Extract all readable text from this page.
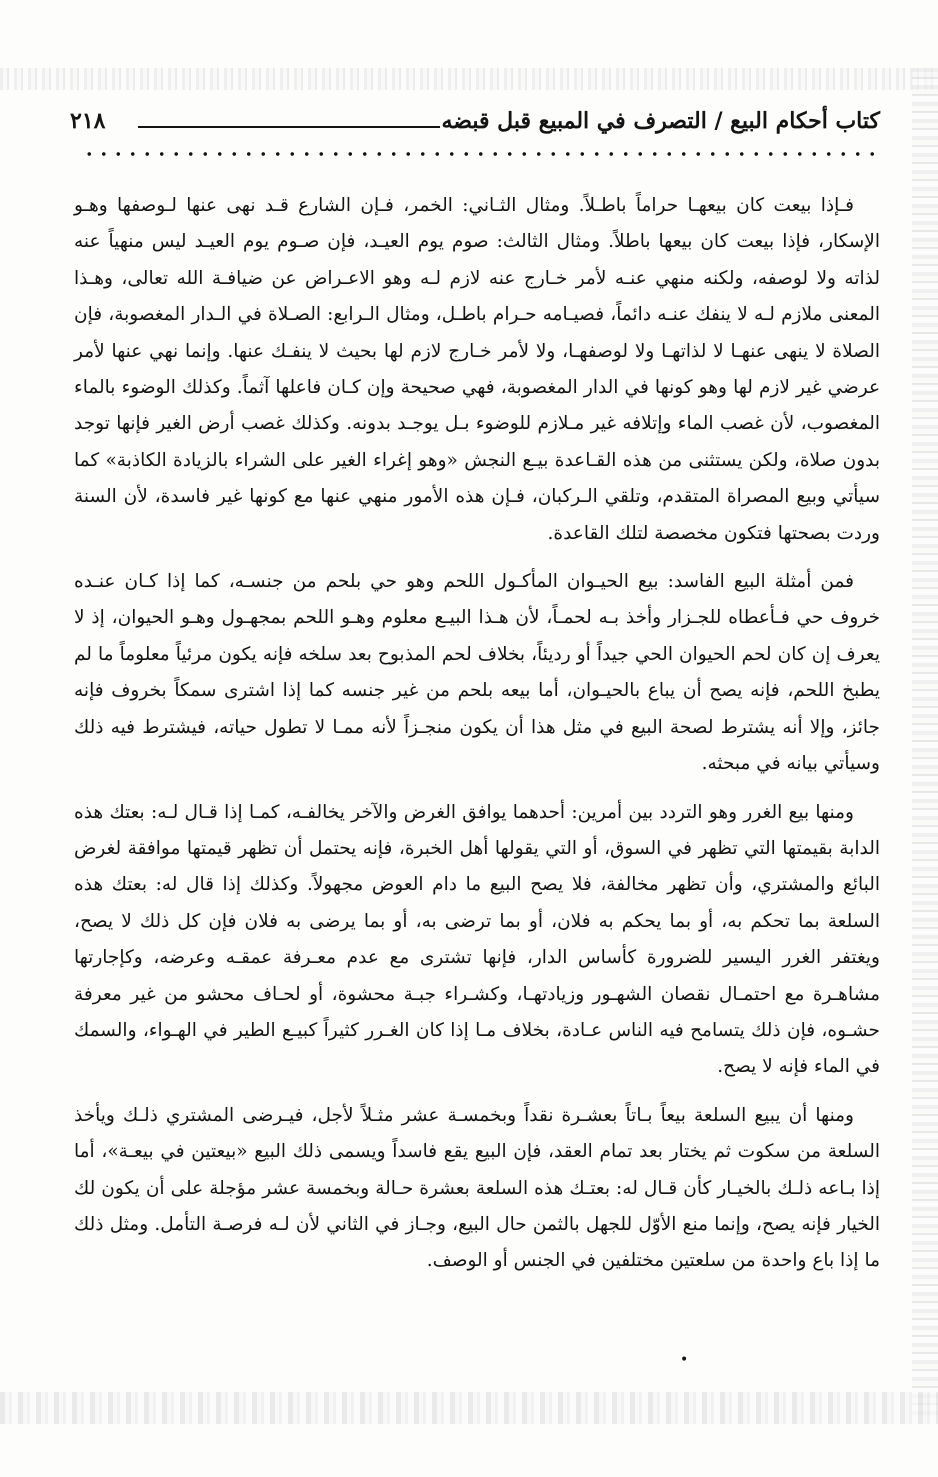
٢١٨	كتاب أحكام البيع / التصرف في المبيع قبل قبضه

فـإذا بيعت كان بيعهـا حراماً باطـلاً. ومثال الثـاني: الخمر، فـإن الشارع قـد نهى عنها لـوصفها وهـو الإسكار، فإذا بيعت كان بيعها باطلاً. ومثال الثالث: صوم يوم العيـد، فإن صـوم يوم العيـد ليس منهياً عنه لذاته ولا لوصفه، ولكنه منهي عنـه لأمر خـارج عنه لازم لـه وهو الاعـراض عن ضيافـة الله تعالى، وهـذا المعنى ملازم لـه لا ينفك عنـه دائماً، فصيـامه حـرام باطـل، ومثال الـرابع: الصـلاة في الـدار المغصوبة، فإن الصلاة لا ينهى عنهـا لا لذاتهـا ولا لوصفهـا، ولا لأمر خـارج لازم لها بحيث لا ينفـك عنها. وإنما نهي عنها لأمر عرضي غير لازم لها وهو كونها في الدار المغصوبة، فهي صحيحة وإن كـان فاعلها آثماً. وكذلك الوضوء بالماء المغصوب، لأن غصب الماء وإتلافه غير مـلازم للوضوء بـل يوجـد بدونه. وكذلك غصب أرض الغير فإنها توجد بدون صلاة، ولكن يستثنى من هذه القـاعدة بيـع النجش «وهو إغراء الغير على الشراء بالزيادة الكاذبة» كما سيأتي وبيع المصراة المتقدم، وتلقي الـركبان، فـإن هذه الأمور منهي عنها مع كونها غير فاسدة، لأن السنة وردت بصحتها فتكون مخصصة لتلك القاعدة.

فمن أمثلة البيع الفاسد: بيع الحيـوان المأكـول اللحم وهو حي بلحم من جنسـه، كما إذا كـان عنـده خروف حي فـأعطاه للجـزار وأخذ بـه لحمـاً، لأن هـذا البيـع معلوم وهـو اللحم بمجهـول وهـو الحيوان، إذ لا يعرف إن كان لحم الحيوان الحي جيداً أو رديئاً، بخلاف لحم المذبوح بعد سلخه فإنه يكون مرئياً معلوماً ما لم يطبخ اللحم، فإنه يصح أن يباع بالحيـوان، أما بيعه بلحم من غير جنسه كما إذا اشترى سمكاً بخروف فإنه جائز، وإلا أنه يشترط لصحة البيع في مثل هذا أن يكون منجـزاً لأنه ممـا لا تطول حياته، فيشترط فيه ذلك وسيأتي بيانه في مبحثه.

ومنها بيع الغرر وهو التردد بين أمرين: أحدهما يوافق الغرض والآخر يخالفـه، كمـا إذا قـال لـه: بعتك هذه الدابة بقيمتها التي تظهر في السوق، أو التي يقولها أهل الخبرة، فإنه يحتمل أن تظهر قيمتها موافقة لغرض البائع والمشتري، وأن تظهر مخالفة، فلا يصح البيع ما دام العوض مجهولاً. وكذلك إذا قال له: بعتك هذه السلعة بما تحكم به، أو بما يحكم به فلان، أو بما ترضى به، أو بما يرضى به فلان فإن كل ذلك لا يصح، ويغتفر الغرر اليسير للضرورة كأساس الدار، فإنها تشترى مع عدم معـرفة عمقـه وعرضه، وكإجارتها مشاهـرة مع احتمـال نقصان الشهـور وزيادتهـا، وكشـراء جبـة محشوة، أو لحـاف محشو من غير معرفة حشـوه، فإن ذلك يتسامح فيه الناس عـادة، بخلاف مـا إذا كان الغـرر كثيراً كبيـع الطير في الهـواء، والسمك في الماء فإنه لا يصح.

ومنها أن يبيع السلعة بيعاً بـاتاً بعشـرة نقداً وبخمسـة عشر مثـلاً لأجل، فيـرضى المشتري ذلـك ويأخذ السلعة من سكوت ثم يختار بعد تمام العقد، فإن البيع يقع فاسداً ويسمى ذلك البيع «بيعتين في بيعـة»، أما إذا بـاعه ذلـك بالخيـار كأن قـال له: بعتـك هذه السلعة بعشرة حـالة وبخمسة عشر مؤجلة على أن يكون لك الخيار فإنه يصح، وإنما منع الأوّل للجهل بالثمن حال البيع، وجـاز في الثاني لأن لـه فرصـة التأمل. ومثل ذلك ما إذا باع واحدة من سلعتين مختلفين في الجنس أو الوصف.

•
